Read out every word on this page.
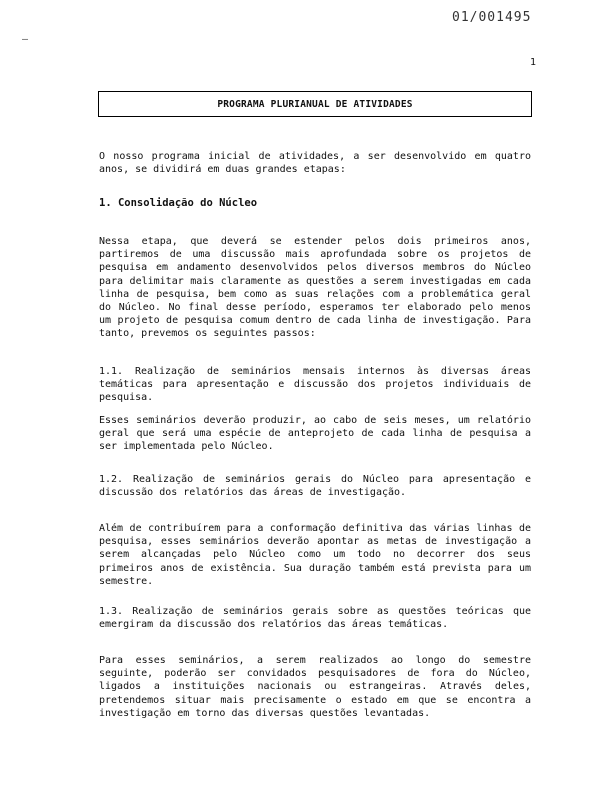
01/001495
–
1
PROGRAMA PLURIANUAL DE ATIVIDADES
O nosso programa inicial de atividades, a ser desenvolvido em quatro anos, se dividirá em duas grandes etapas:
1. Consolidação do Núcleo
Nessa etapa, que deverá se estender pelos dois primeiros anos, partiremos de uma discussão mais aprofundada sobre os projetos de pesquisa em andamento desenvolvidos pelos diversos membros do Núcleo para delimitar mais claramente as questões a serem investigadas em cada linha de pesquisa, bem como as suas relações com a problemática geral do Núcleo. No final desse período, esperamos ter elaborado pelo menos um projeto de pesquisa comum dentro de cada linha de investigação. Para tanto, prevemos os seguintes passos:
1.1. Realização de seminários mensais internos às diversas áreas temáticas para apresentação e discussão dos projetos individuais de pesquisa.
Esses seminários deverão produzir, ao cabo de seis meses, um relatório geral que será uma espécie de anteprojeto de cada linha de pesquisa a ser implementada pelo Núcleo.
1.2. Realização de seminários gerais do Núcleo para apresentação e discussão dos relatórios das áreas de investigação.
Além de contribuírem para a conformação definitiva das várias linhas de pesquisa, esses seminários deverão apontar as metas de investigação a serem alcançadas pelo Núcleo como um todo no decorrer dos seus primeiros anos de existência. Sua duração também está prevista para um semestre.
1.3. Realização de seminários gerais sobre as questões teóricas que emergiram da discussão dos relatórios das áreas temáticas.
Para esses seminários, a serem realizados ao longo do semestre seguinte, poderão ser convidados pesquisadores de fora do Núcleo, ligados a instituições nacionais ou estrangeiras. Através deles, pretendemos situar mais precisamente o estado em que se encontra a investigação em torno das diversas questões levantadas.
